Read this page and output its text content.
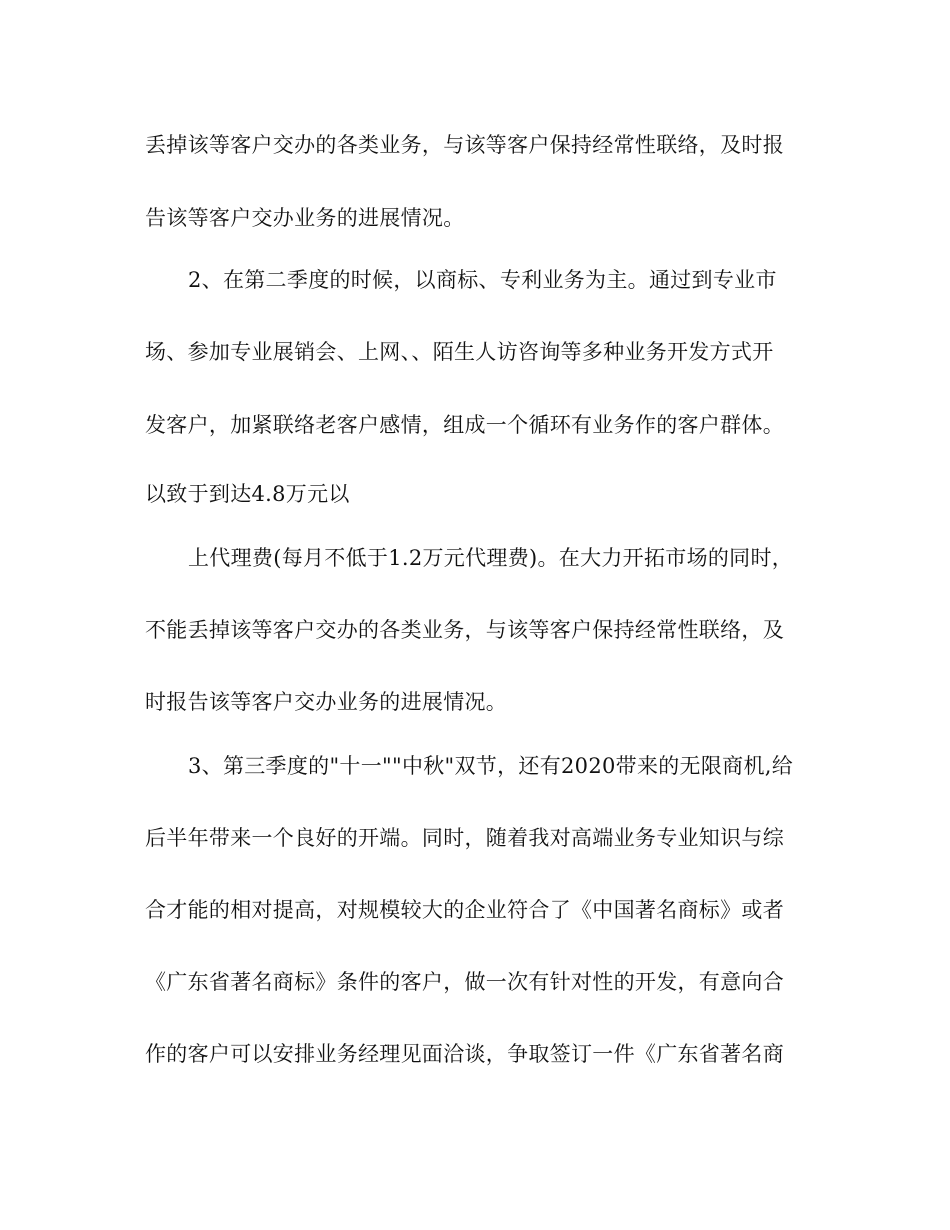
丢掉该等客户交办的各类业务，与该等客户保持经常性联络，及时报
告该等客户交办业务的进展情况。
2、在第二季度的时候，以商标、专利业务为主。通过到专业市
场、参加专业展销会、上网、、陌生人访咨询等多种业务开发方式开
发客户，加紧联络老客户感情，组成一个循环有业务作的客户群体。
以致于到达4.8万元以
上代理费(每月不低于1.2万元代理费)。在大力开拓市场的同时，
不能丢掉该等客户交办的各类业务，与该等客户保持经常性联络，及
时报告该等客户交办业务的进展情况。
3、第三季度的"十一""中秋"双节，还有2020带来的无限商机,给
后半年带来一个良好的开端。同时，随着我对高端业务专业知识与综
合才能的相对提高，对规模较大的企业符合了《中国著名商标》或者
《广东省著名商标》条件的客户，做一次有针对性的开发，有意向合
作的客户可以安排业务经理见面洽谈，争取签订一件《广东省著名商
